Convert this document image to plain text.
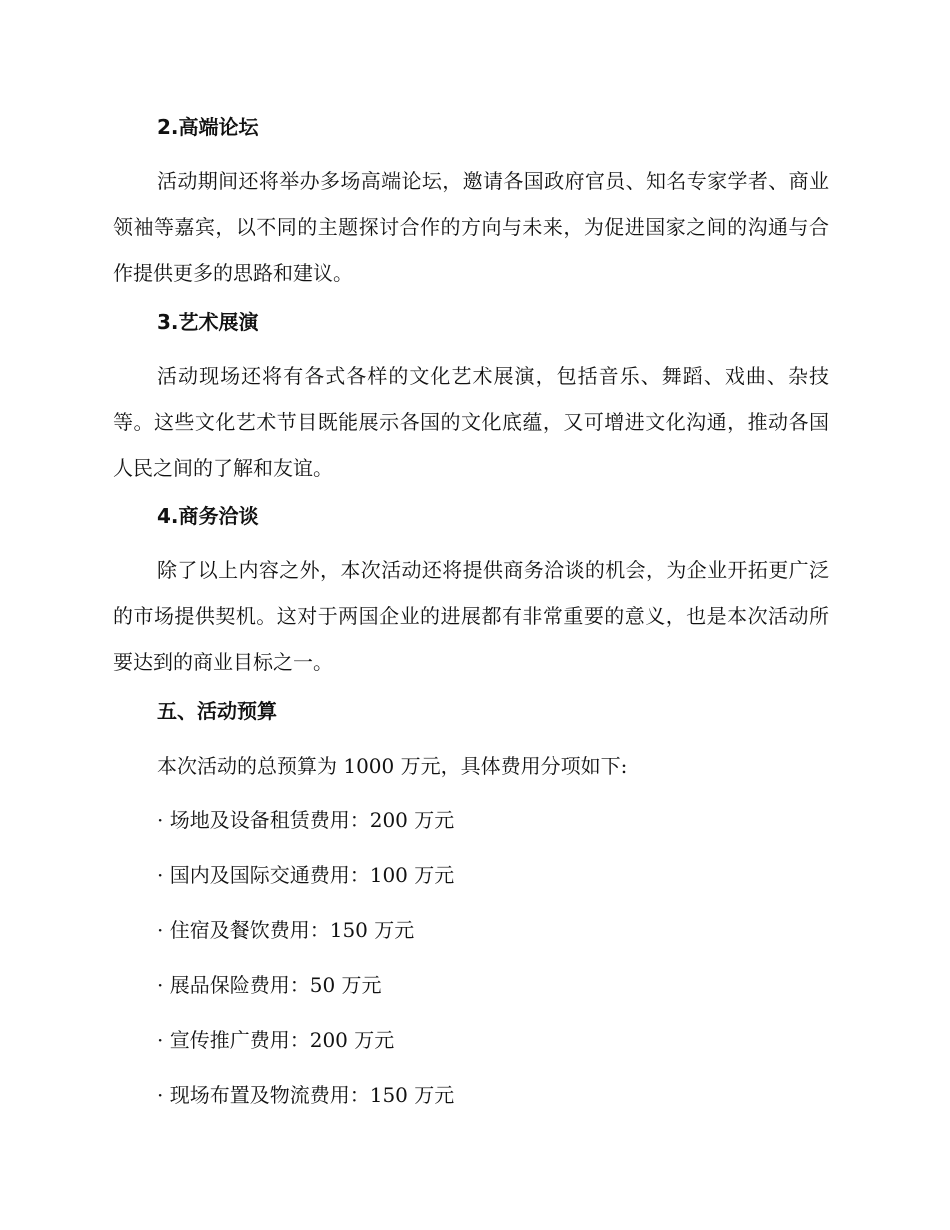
2.高端论坛

活动期间还将举办多场高端论坛，邀请各国政府官员、知名专家学者、商业领袖等嘉宾，以不同的主题探讨合作的方向与未来，为促进国家之间的沟通与合作提供更多的思路和建议。

3.艺术展演

活动现场还将有各式各样的文化艺术展演，包括音乐、舞蹈、戏曲、杂技等。这些文化艺术节目既能展示各国的文化底蕴，又可增进文化沟通，推动各国人民之间的了解和友谊。

4.商务洽谈

除了以上内容之外，本次活动还将提供商务洽谈的机会，为企业开拓更广泛的市场提供契机。这对于两国企业的进展都有非常重要的意义，也是本次活动所要达到的商业目标之一。

五、活动预算

本次活动的总预算为 1000 万元，具体费用分项如下:

· 场地及设备租赁费用：200 万元

· 国内及国际交通费用：100 万元

· 住宿及餐饮费用：150 万元

· 展品保险费用：50 万元

· 宣传推广费用：200 万元

· 现场布置及物流费用：150 万元
